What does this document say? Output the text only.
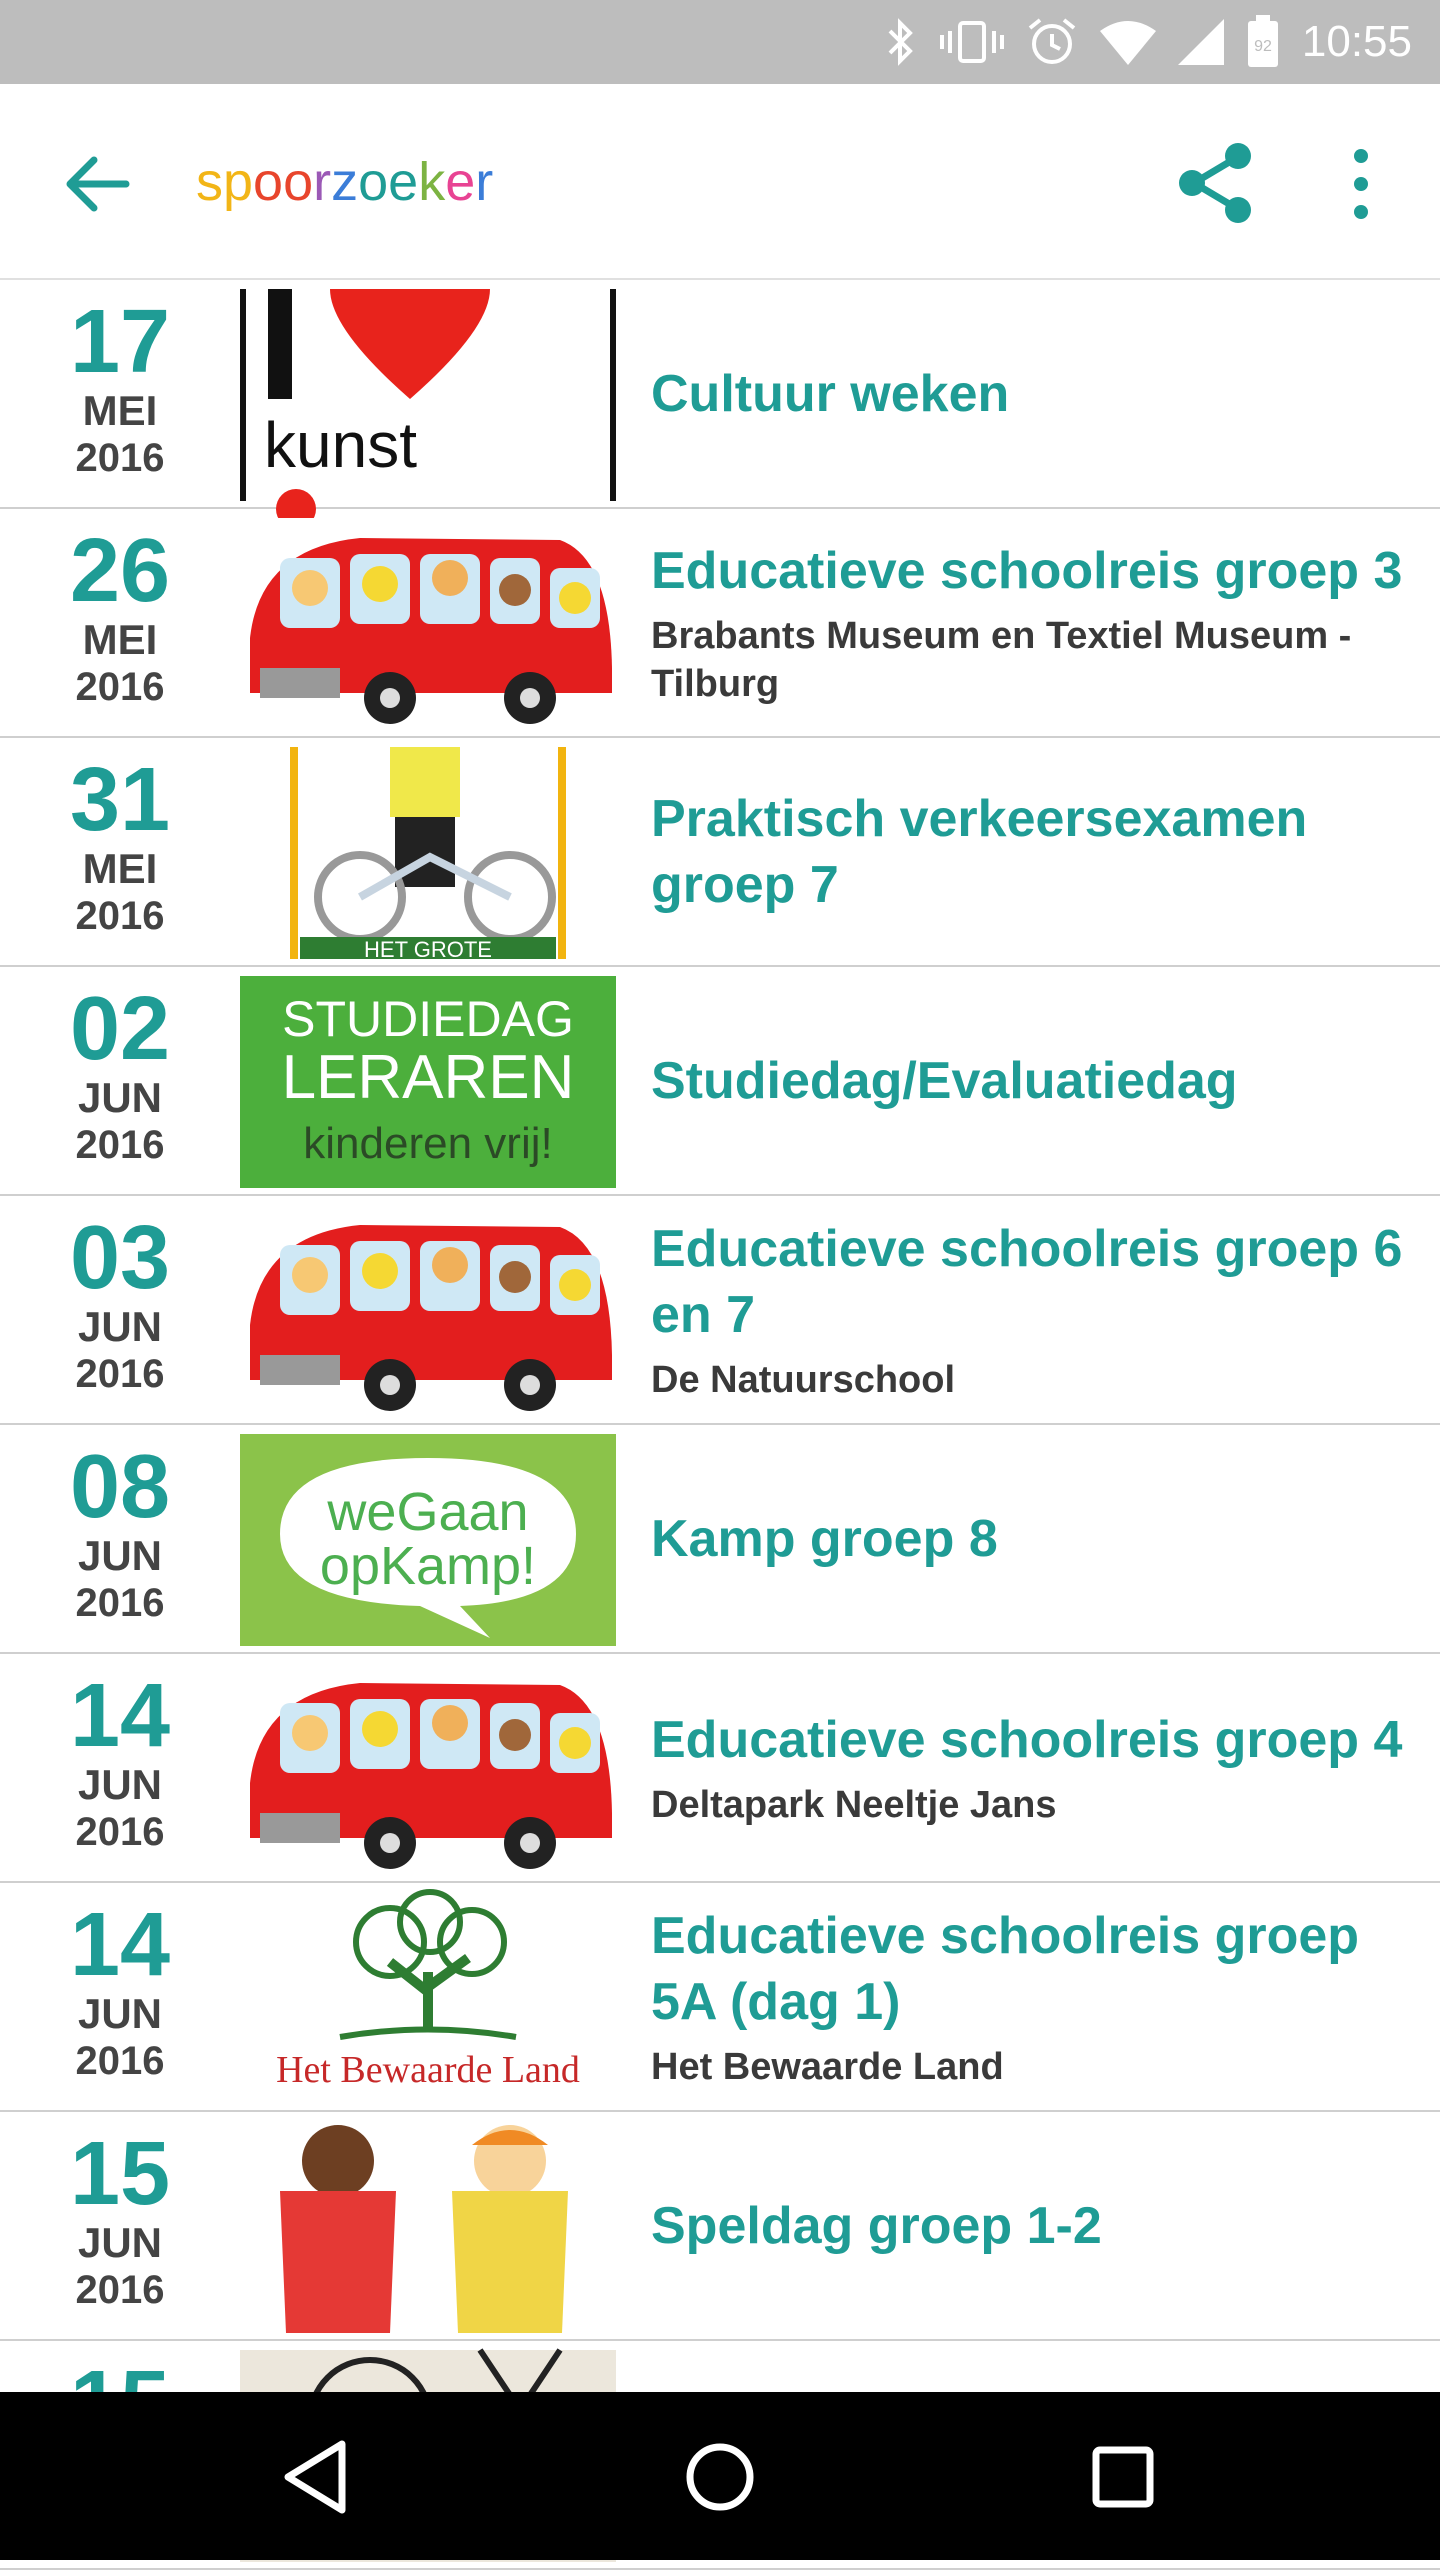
92 10:55
spoorzoeker
17
MEI
2016	kunst
Cultuur weken
26
MEI
2016
Educatieve schoolreis groep 3
Brabants Museum en Textiel Museum - Tilburg
31
MEI
2016
HET GROTE
Praktisch verkeersexamen groep 7
02
JUN
2016
STUDIEDAG
LERAREN
kinderen vrij!
Studiedag/Evaluatiedag
03
JUN
2016
Educatieve schoolreis groep 6 en 7
De Natuurschool
08
JUN
2016
weGaan
opKamp! Kamp groep 8
14
JUN
2016
Educatieve schoolreis groep 4
Deltapark Neeltje Jans
14
JUN
2016	Het Bewaarde Land
Educatieve schoolreis groep 5A (dag 1)
Het Bewaarde Land
15
JUN
2016
Speldag groep 1-2
